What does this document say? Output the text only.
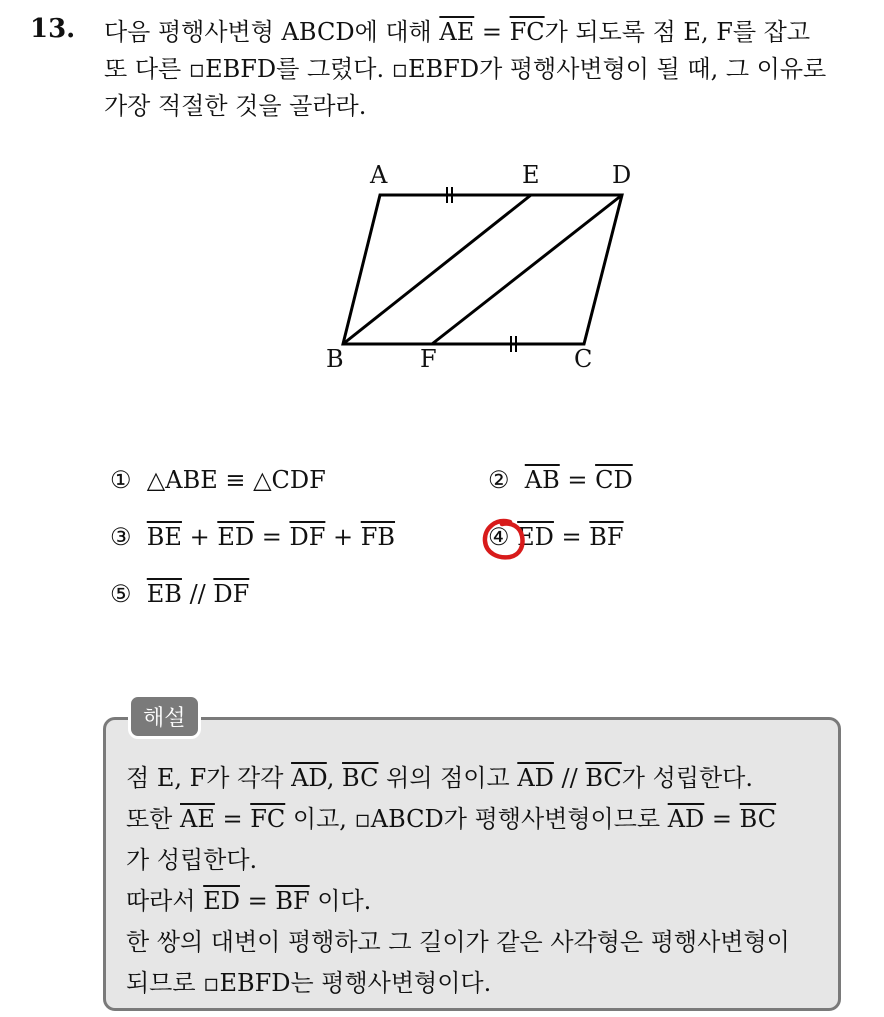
13. 다음 평행사변형 ABCD에 대해 $\overline{AE} = \overline{FC}$가 되도록 점 E, F를 잡고
또 다른 ▫EBFD를 그렸다. ▫EBFD가 평행사변형이 될 때, 그 이유로
가장 적절한 것을 골라라.
A	E	D
B	F	C
① △ABE ≡ △CDF	② $\overline{AB} = \overline{CD}$
③ $\overline{BE} + \overline{ED} = \overline{DF} + \overline{FB}$	④ $\overline{ED} = \overline{BF}$
⑤ $\overline{EB} // \overline{DF}$
해설
점 E, F가 각각 $\overline{AD}$, $\overline{BC}$ 위의 점이고 $\overline{AD} // \overline{BC}$가 성립한다.
또한 $\overline{AE} = \overline{FC}$ 이고, ▫ABCD가 평행사변형이므로 $\overline{AD} = \overline{BC}$
가 성립한다.
따라서 $\overline{ED} = \overline{BF}$ 이다.
한 쌍의 대변이 평행하고 그 길이가 같은 사각형은 평행사변형이
되므로 ▫EBFD는 평행사변형이다.
